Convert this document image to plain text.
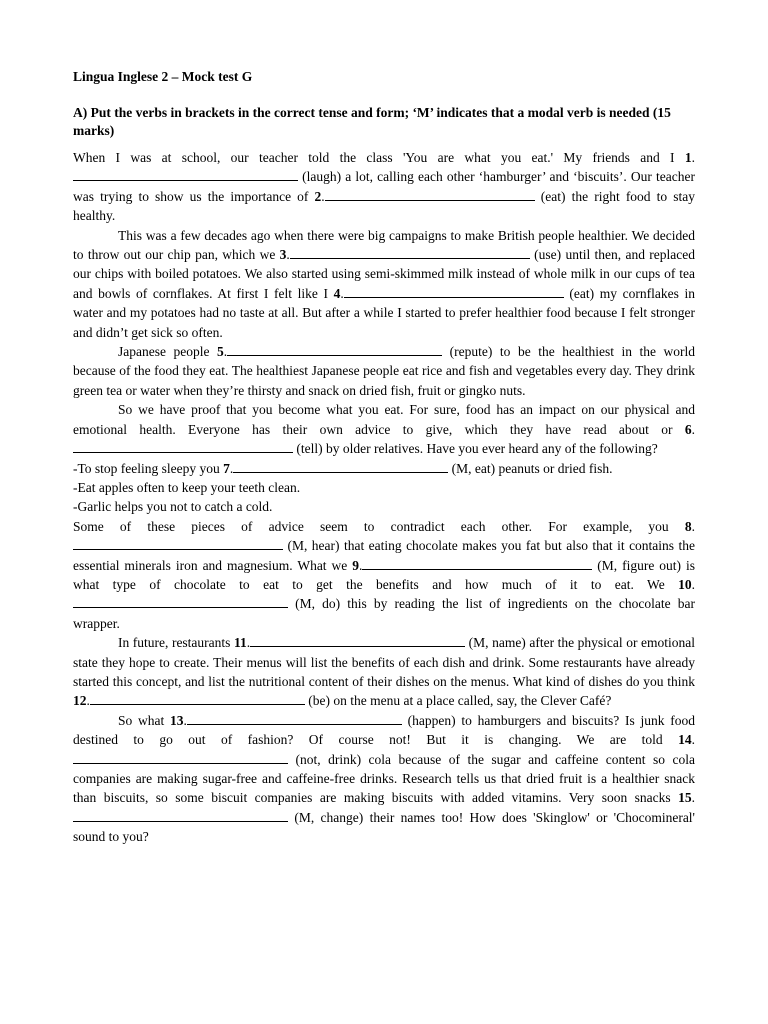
Lingua Inglese 2 – Mock test G
A) Put the verbs in brackets in the correct tense and form; ‘M’ indicates that a modal verb is needed (15 marks)

When I was at school, our teacher told the class 'You are what you eat.' My friends and I 1. (laugh) a lot, calling each other ‘hamburger’ and ‘biscuits’. Our teacher was trying to show us the importance of 2.	(eat) the right food to stay healthy.

This was a few decades ago when there were big campaigns to make British people healthier. We decided to throw out our chip pan, which we 3.	(use) until then, and replaced our chips with boiled potatoes. We also started using semi-skimmed milk instead of whole milk in our cups of tea and bowls of cornflakes. At first I felt like I 4.	(eat) my cornflakes in water and my potatoes had no taste at all. But after a while I started to prefer healthier food because I felt stronger and didn’t get sick so often.

Japanese people 5.	(repute) to be the healthiest in the world because of the food they eat. The healthiest Japanese people eat rice and fish and vegetables every day. They drink green tea or water when they’re thirsty and snack on dried fish, fruit or gingko nuts.

So we have proof that you become what you eat. For sure, food has an impact on our physical and emotional health. Everyone has their own advice to give, which they have read about or 6. (tell) by older relatives. Have you ever heard any of the following?

-To stop feeling sleepy you 7.	(M, eat) peanuts or dried fish.

-Eat apples often to keep your teeth clean.

-Garlic helps you not to catch a cold.

Some of these pieces of advice seem to contradict each other. For example, you 8. (M, hear) that eating chocolate makes you fat but also that it contains the essential minerals iron and magnesium. What we 9.	(M, figure out) is what type of chocolate to eat to get the benefits and how much of it to eat. We 10. (M, do) this by reading the list of ingredients on the chocolate bar wrapper.

In future, restaurants 11.	(M, name) after the physical or emotional state they hope to create. Their menus will list the benefits of each dish and drink. Some restaurants have already started this concept, and list the nutritional content of their dishes on the menus. What kind of dishes do you think 12.	(be) on the menu at a place called, say, the Clever Café?

So what 13.	(happen) to hamburgers and biscuits? Is junk food destined to go out of fashion? Of course not! But it is changing. We are told 14. (not, drink) cola because of the sugar and caffeine content so cola companies are making sugar-free and caffeine-free drinks. Research tells us that dried fruit is a healthier snack than biscuits, so some biscuit companies are making biscuits with added vitamins. Very soon snacks 15. (M, change) their names too! How does 'Skinglow' or 'Chocomineral' sound to you?
